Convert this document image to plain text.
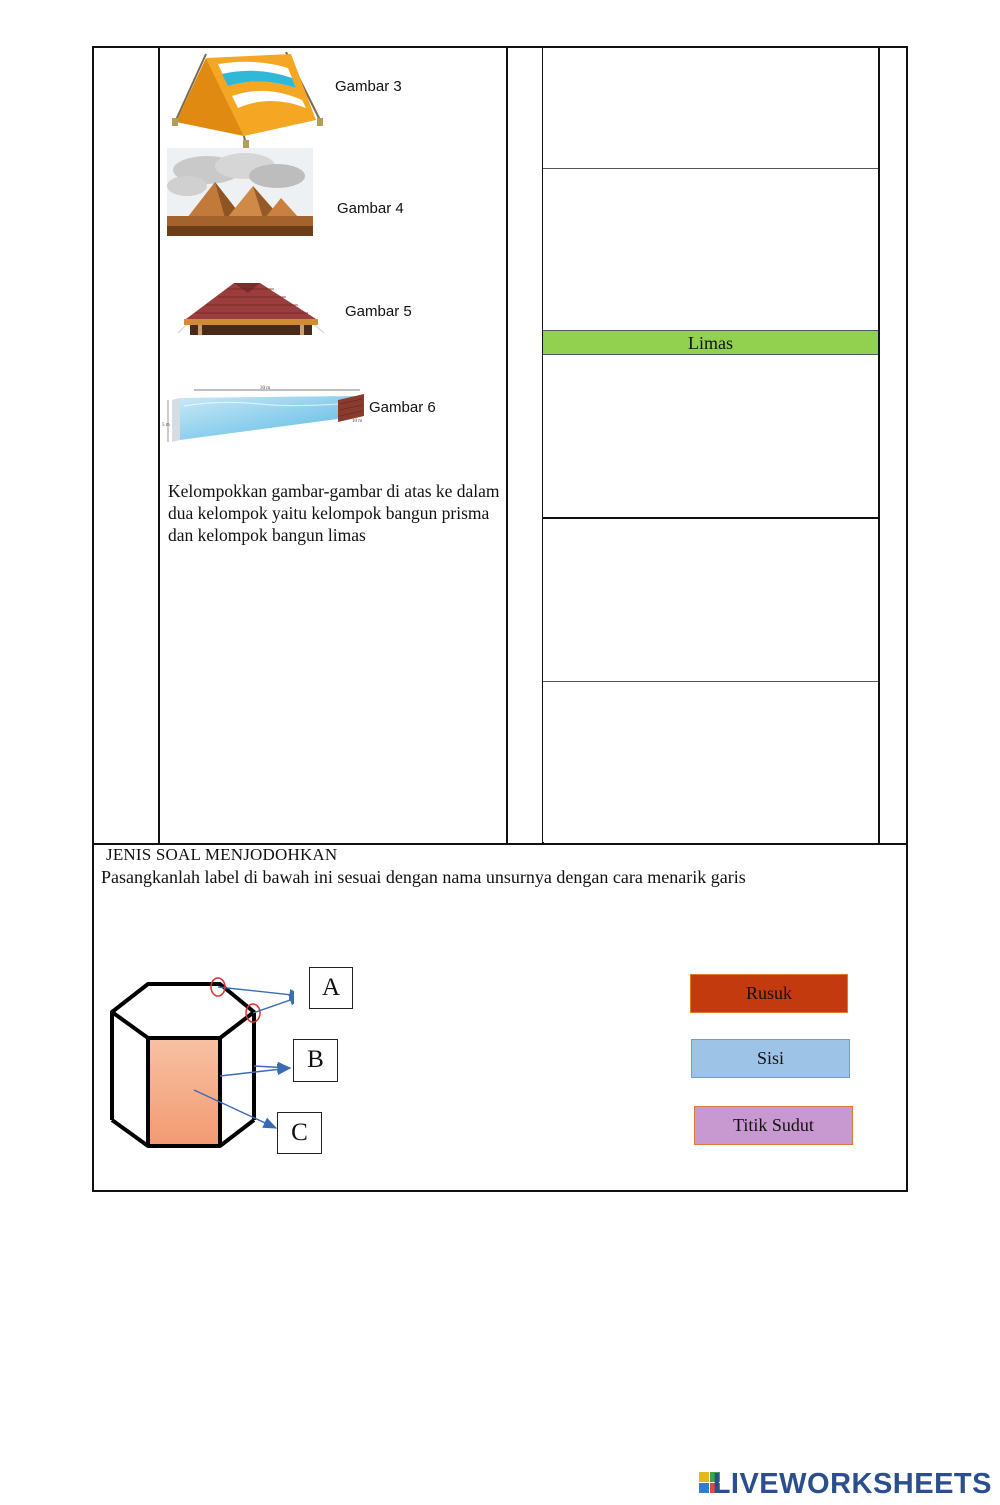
Limas
Gambar 3
Gambar 4
Gambar 5
30 m
5 m
10 m
Gambar 6
Kelompokkan gambar-gambar di atas ke dalam dua kelompok yaitu kelompok bangun prisma dan kelompok bangun limas
JENIS SOAL MENJODOHKAN
Pasangkanlah label di bawah ini sesuai dengan nama unsurnya dengan cara menarik garis
A
B
C
Rusuk
Sisi
Titik Sudut
LIVEWORKSHEETS
